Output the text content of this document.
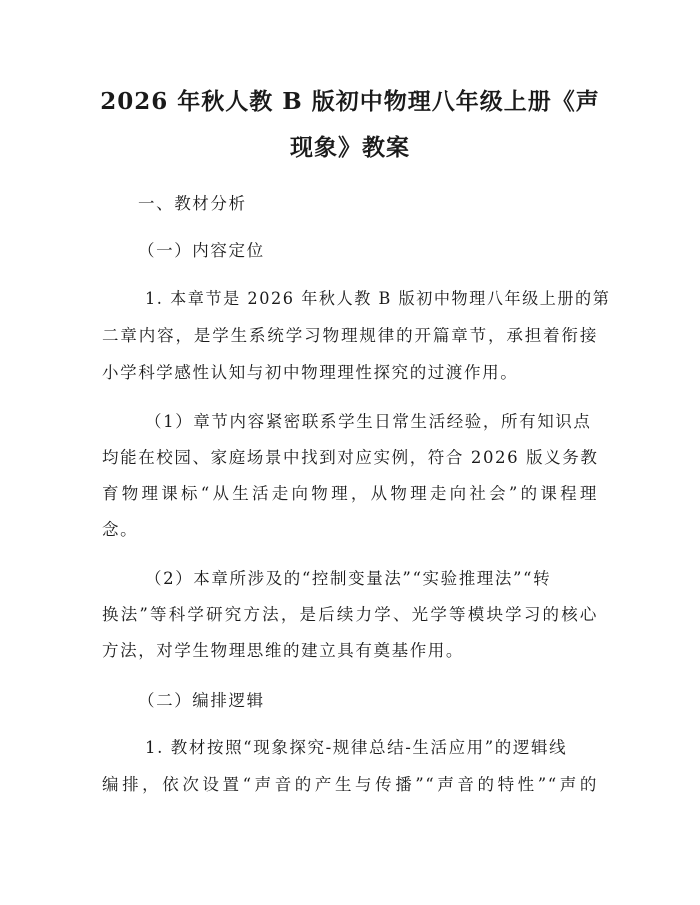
2026 年秋人教 B 版初中物理八年级上册《声
现象》教案

一、教材分析

（一）内容定位

1. 本章节是 2026 年秋人教 B 版初中物理八年级上册的第

二章内容，是学生系统学习物理规律的开篇章节，承担着衔接

小学科学感性认知与初中物理理性探究的过渡作用。

（1）章节内容紧密联系学生日常生活经验，所有知识点

均能在校园、家庭场景中找到对应实例，符合 2026 版义务教

育物理课标“从生活走向物理，从物理走向社会”的课程理

念。

（2）本章所涉及的“控制变量法”“实验推理法”“转

换法”等科学研究方法，是后续力学、光学等模块学习的核心

方法，对学生物理思维的建立具有奠基作用。

（二）编排逻辑

1. 教材按照“现象探究-规律总结-生活应用”的逻辑线

编排，依次设置“声音的产生与传播”“声音的特性”“声的
